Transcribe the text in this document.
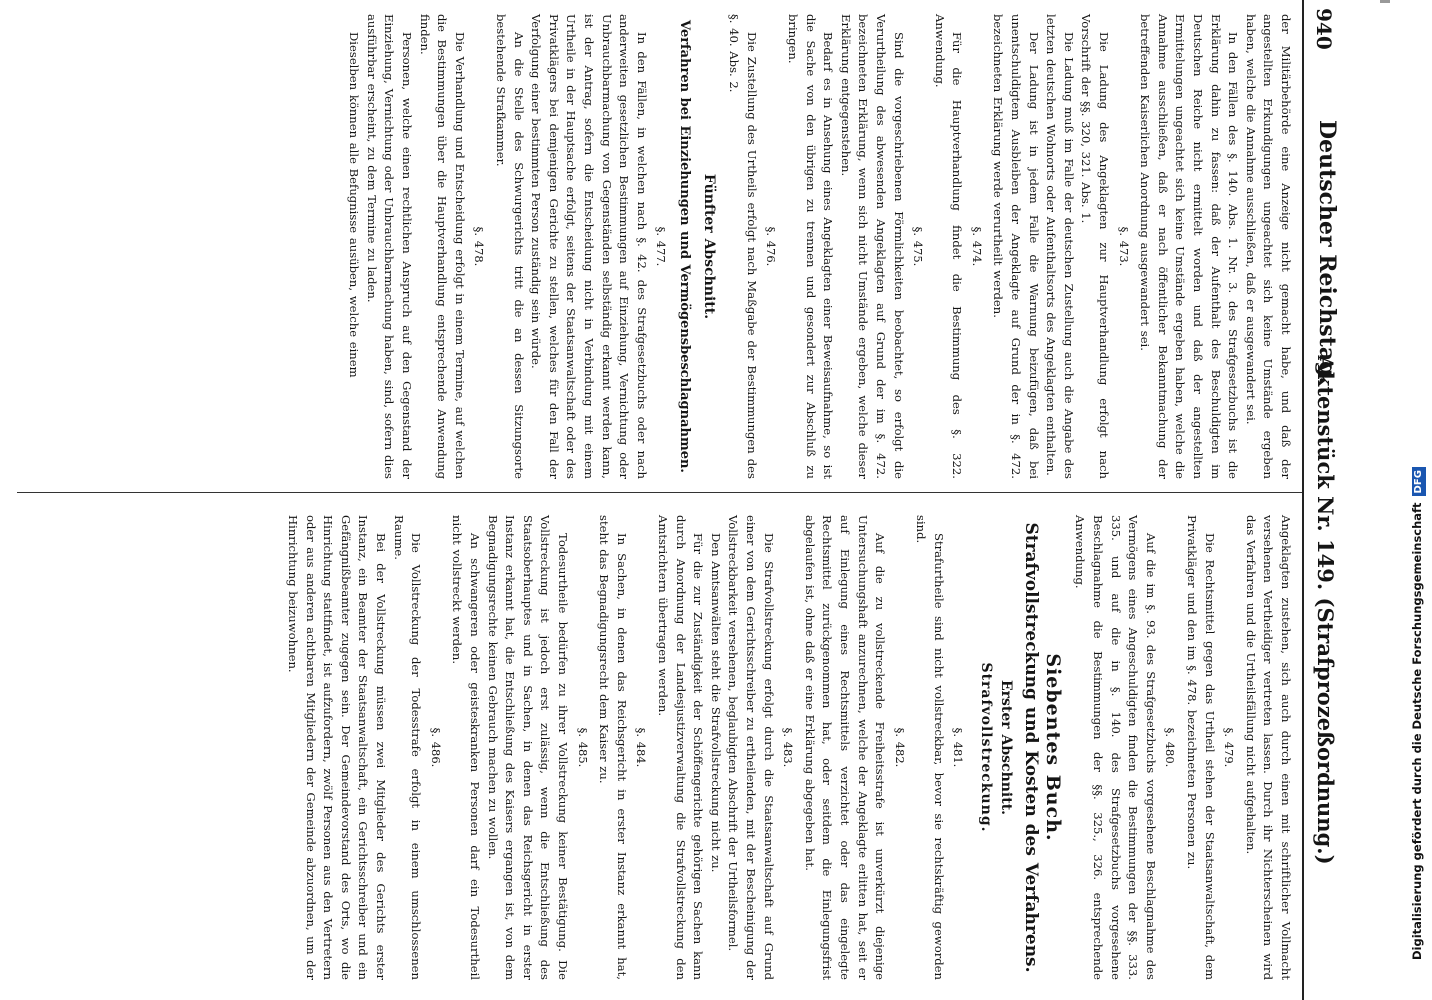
940
Deutscher Reichstag.
Aktenstück Nr. 149. (Strafprozeßordnung.)

der Militärbehörde eine Anzeige nicht gemacht habe, und daß der angestellten Erkundigungen ungeachtet sich keine Umstände ergeben haben, welche die Annahme ausschließen, daß er ausgewandert sei.

In den Fällen des §. 140. Abs. 1. Nr. 3. des Strafgesetzbuchs ist die Erklärung dahin zu fassen: daß der Aufenthalt des Beschuldigten im Deutschen Reiche nicht ermittelt worden und daß der angestellten Ermittelungen ungeachtet sich keine Umstände ergeben haben, welche die Annahme ausschließen, daß er nach öffentlicher Bekanntmachung der betreffenden Kaiserlichen Anordnung ausgewandert sei.

§. 473.

Die Ladung des Angeklagten zur Hauptverhandlung erfolgt nach Vorschrift der §§. 320, 321. Abs. 1.

Die Ladung muß im Falle der deutschen Zustellung auch die Angabe des letzten deutschen Wohnorts oder Aufenthaltsorts des Angeklagten enthalten.

Der Ladung ist in jedem Falle die Warnung beizufügen, daß bei unentschuldigtem Ausbleiben der Angeklagte auf Grund der in §. 472. bezeichneten Erklärung werde verurtheilt werden.

§. 474.

Für die Hauptverhandlung findet die Bestimmung des §. 322. Anwendung.

§. 475.

Sind die vorgeschriebenen Förmlichkeiten beobachtet, so erfolgt die Verurtheilung des abwesenden Angeklagten auf Grund der im §. 472. bezeichneten Erklärung, wenn sich nicht Umstände ergeben, welche dieser Erklärung entgegenstehen.

Bedarf es in Ansehung eines Angeklagten einer Beweisaufnahme, so ist die Sache von den übrigen zu trennen und gesondert zur Abschluß zu bringen.

§. 476.

Die Zustellung des Urtheils erfolgt nach Maßgabe der Bestimmungen des §. 40. Abs. 2.

Fünfter Abschnitt.
Verfahren bei Einziehungen und Vermögensbeschlagnahmen.
§. 477.

In den Fällen, in welchen nach §. 42. des Strafgesetzbuchs oder nach anderweiten gesetzlichen Bestimmungen auf Einziehung, Vernichtung oder Unbrauchbarmachung von Gegenständen selbständig erkannt werden kann, ist der Antrag, sofern die Entscheidung nicht in Verbindung mit einem Urtheile in der Hauptsache erfolgt, seitens der Staatsanwaltschaft oder des Privatklägers bei demjenigen Gerichte zu stellen, welches für den Fall der Verfolgung einer bestimmten Person zuständig sein würde.

An die Stelle des Schwurgerichts tritt die an dessen Sitzungsorte bestehende Strafkammer.

§. 478.

Die Verhandlung und Entscheidung erfolgt in einem Termine, auf welchen die Bestimmungen über die Hauptverhandlung entsprechende Anwendung finden.

Personen, welche einen rechtlichen Anspruch auf den Gegenstand der Einziehung, Vernichtung oder Unbrauchbarmachung haben, sind, sofern dies ausführbar erscheint, zu dem Termine zu laden.

Dieselben können alle Befugnisse ausüben, welche einem

Angeklagten zustehen, sich auch durch einen mit schriftlicher Vollmacht versehenen Vertheidiger vertreten lassen. Durch ihr Nichterscheinen wird das Verfahren und die Urtheilsfällung nicht aufgehalten.

§. 479.

Die Rechtsmittel gegen das Urtheil stehen der Staatsanwaltschaft, dem Privatkläger und den im §. 478. bezeichneten Personen zu.

§. 480.

Auf die im §. 93. des Strafgesetzbuchs vorgesehene Beschlagnahme des Vermögens eines Angeschuldigten finden die Bestimmungen der §§. 333. 335. und auf die in §. 140. des Strafgesetzbuchs vorgesehene Beschlagnahme die Bestimmungen der §§. 325., 326. entsprechende Anwendung.

Siebentes Buch.
Strafvollstreckung und Kosten des Verfahrens.
Erster Abschnitt.
Strafvollstreckung.
§. 481.

Strafurtheile sind nicht vollstreckbar, bevor sie rechtskräftig geworden sind.

§. 482.

Auf die zu vollstreckende Freiheitsstrafe ist unverkürzt diejenige Untersuchungshaft anzurechnen, welche der Angeklagte erlitten hat, seit er auf Einlegung eines Rechtsmittels verzichtet oder das eingelegte Rechtsmittel zurückgenommen hat, oder seitdem die Einlegungsfrist abgelaufen ist, ohne daß er eine Erklärung abgegeben hat.

§. 483.

Die Strafvollstreckung erfolgt durch die Staatsanwaltschaft auf Grund einer von dem Gerichtsschreiber zu ertheilenden, mit der Bescheinigung der Vollstreckbarkeit versehenen, beglaubigten Abschrift der Urtheilsformel.

Den Amtsanwälten steht die Strafvollstreckung nicht zu.

Für die zur Zuständigkeit der Schöffengerichte gehörigen Sachen kann durch Anordnung der Landesjustizverwaltung die Strafvollstreckung den Amtsrichtern übertragen werden.

§. 484.

In Sachen, in denen das Reichsgericht in erster Instanz erkannt hat, steht das Begnadigungsrecht dem Kaiser zu.

§. 485.

Todesurtheile bedürfen zu ihrer Vollstreckung keiner Bestätigung. Die Vollstreckung ist jedoch erst zulässig, wenn die Entschließung des Staatsoberhauptes und in Sachen, in denen das Reichsgericht in erster Instanz erkannt hat, die Entschließung des Kaisers ergangen ist, von dem Begnadigungsrechte keinen Gebrauch machen zu wollen.

An schwangeren oder geisteskranken Personen darf ein Todesurtheil nicht vollstreckt werden.

§. 486.

Die Vollstreckung der Todesstrafe erfolgt in einem umschlossenen Raume.

Bei der Vollstreckung müssen zwei Mitglieder des Gerichts erster Instanz, ein Beamter der Staatsanwaltschaft, ein Gerichtsschreiber und ein Gefängnißbeamter zugegen sein. Der Gemeindevorstand des Orts, wo die Hinrichtung stattfindet, ist aufzufordern, zwölf Personen aus den Vertretern oder aus anderen achtbaren Mitgliedern der Gemeinde abzuordnen, um der Hinrichtung beizuwohnen.	Digitalisierung gefördert durch die Deutsche ForschungsgemeinschaftDFG
